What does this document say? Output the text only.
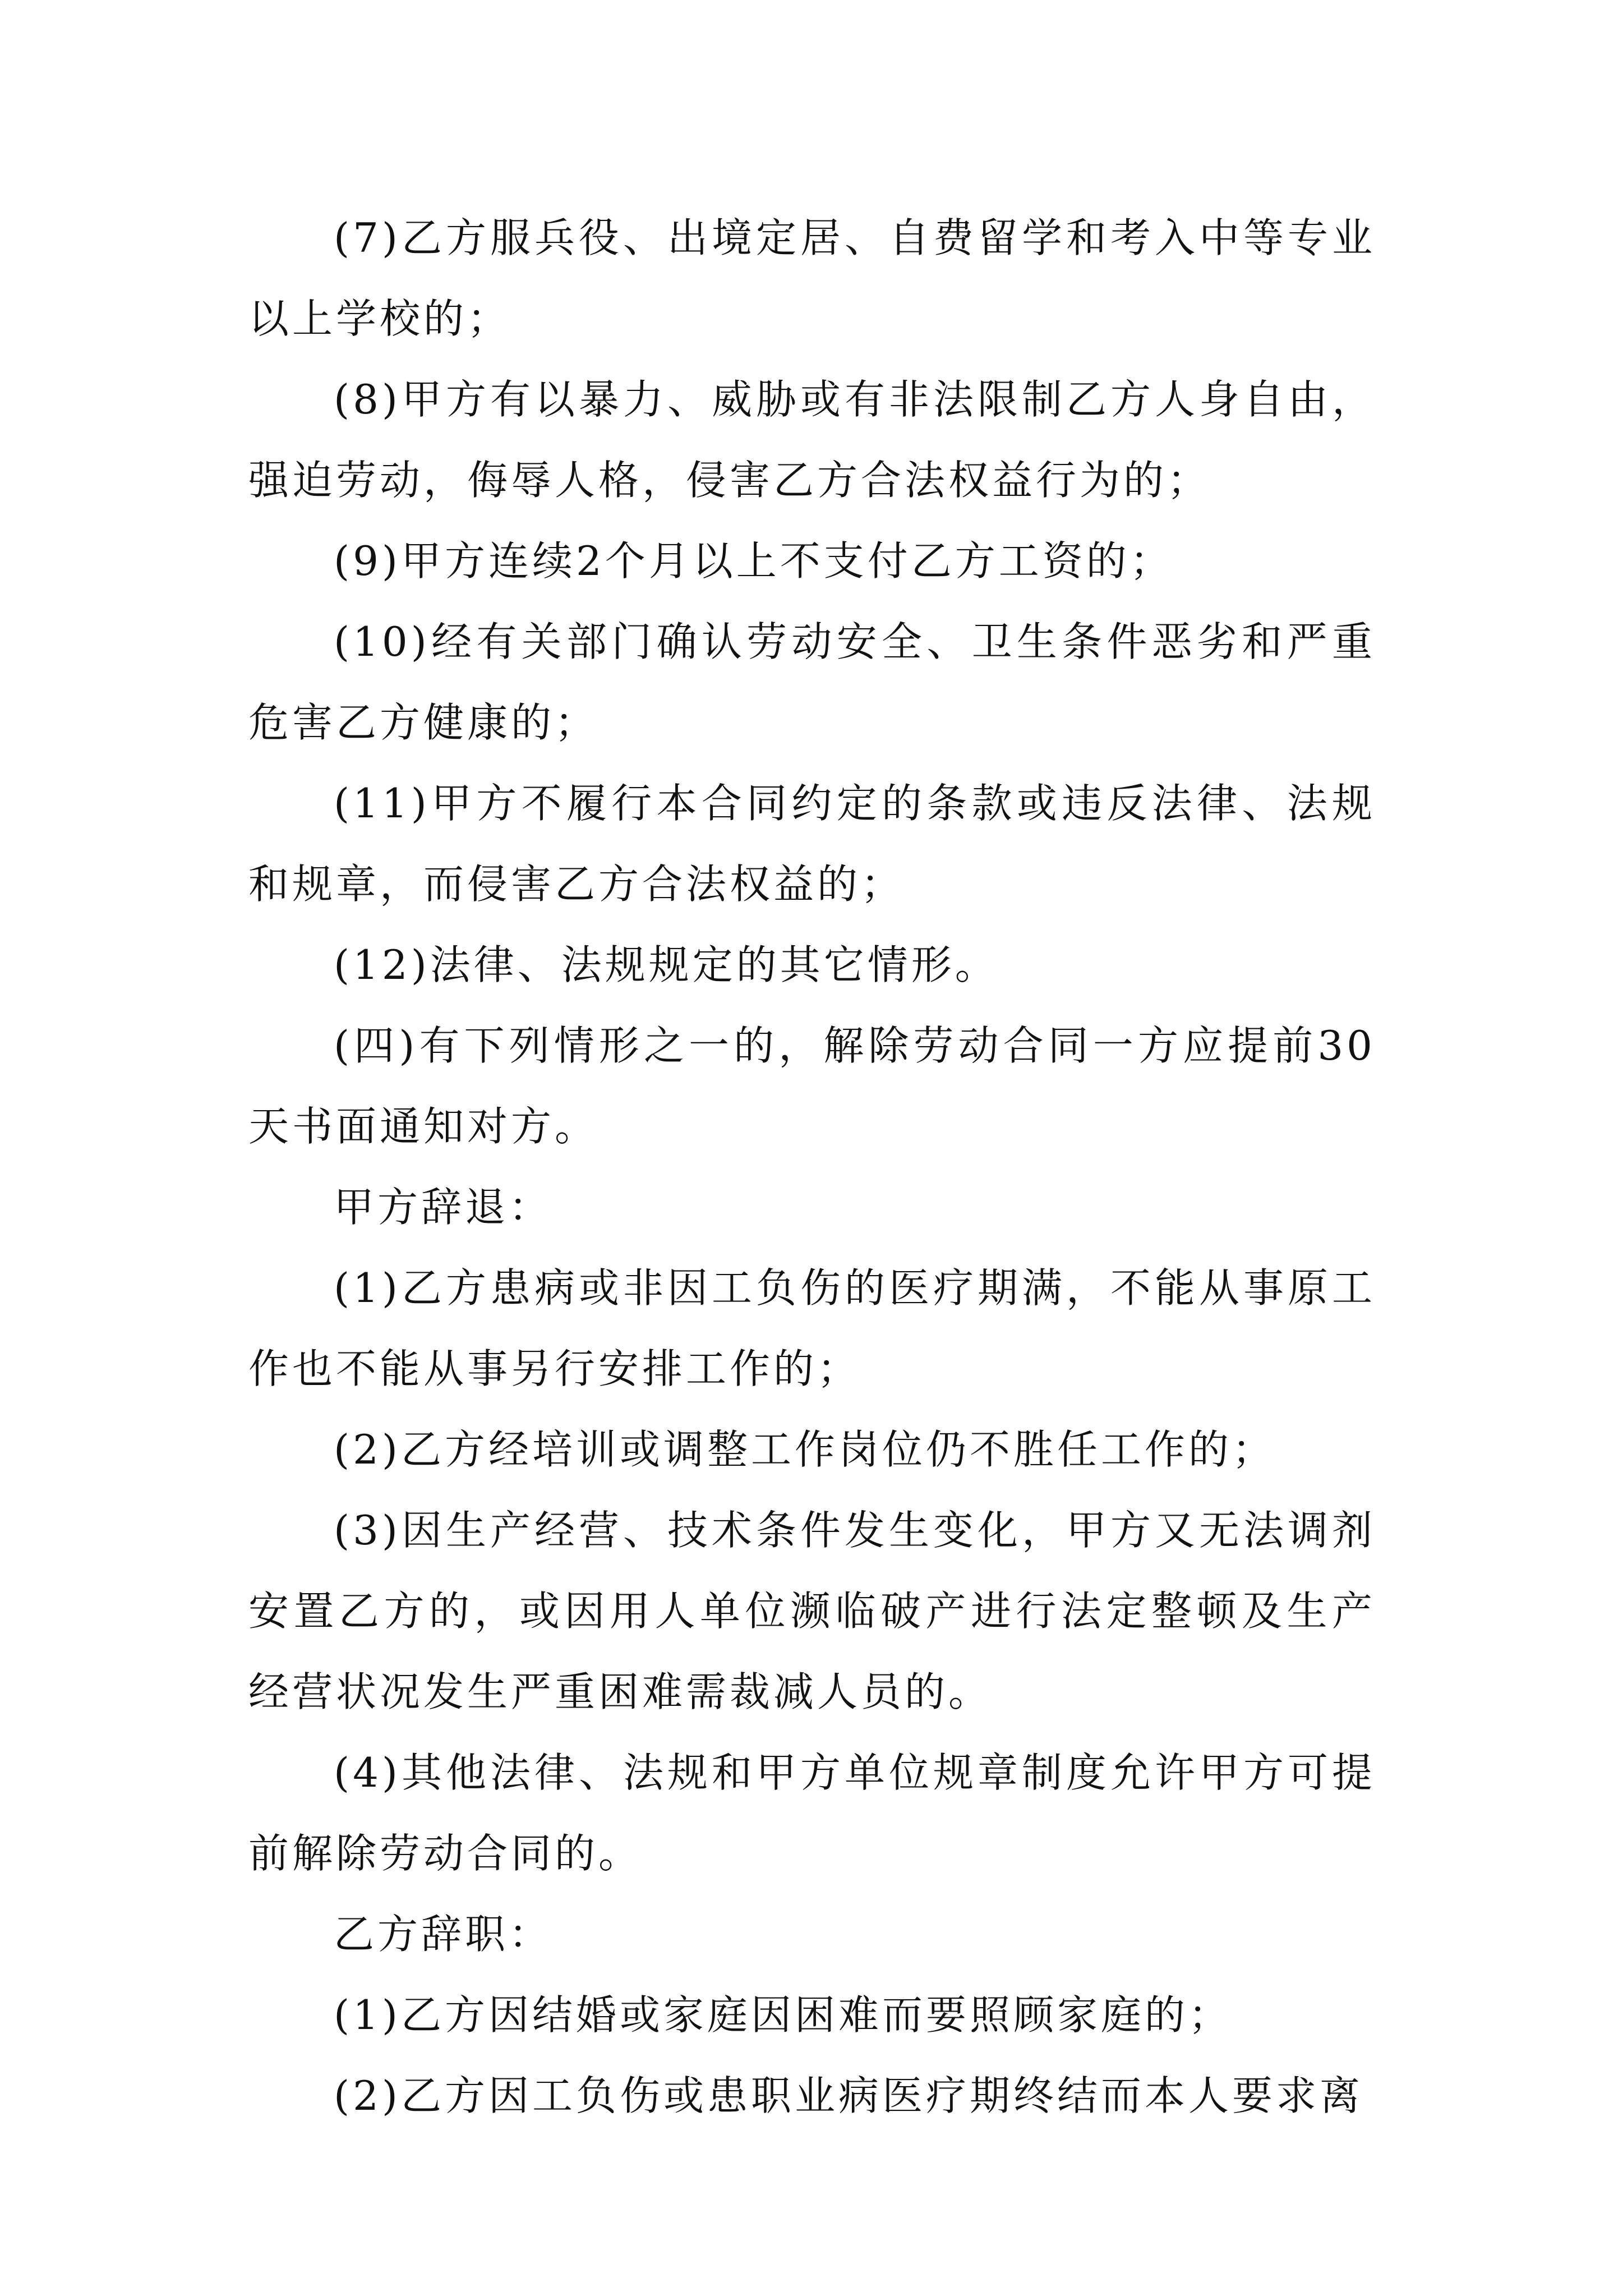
(7)乙方服兵役、出境定居、自费留学和考入中等专业以上学校的；

(8)甲方有以暴力、威胁或有非法限制乙方人身自由，强迫劳动，侮辱人格，侵害乙方合法权益行为的；

(9)甲方连续2个月以上不支付乙方工资的；

(10)经有关部门确认劳动安全、卫生条件恶劣和严重危害乙方健康的；

(11)甲方不履行本合同约定的条款或违反法律、法规和规章，而侵害乙方合法权益的；

(12)法律、法规规定的其它情形。

(四)有下列情形之一的，解除劳动合同一方应提前30天书面通知对方。

甲方辞退：

(1)乙方患病或非因工负伤的医疗期满，不能从事原工作也不能从事另行安排工作的；

(2)乙方经培训或调整工作岗位仍不胜任工作的；

(3)因生产经营、技术条件发生变化，甲方又无法调剂安置乙方的，或因用人单位濒临破产进行法定整顿及生产经营状况发生严重困难需裁减人员的。

(4)其他法律、法规和甲方单位规章制度允许甲方可提前解除劳动合同的。

乙方辞职：

(1)乙方因结婚或家庭因困难而要照顾家庭的；

(2)乙方因工负伤或患职业病医疗期终结而本人要求离
